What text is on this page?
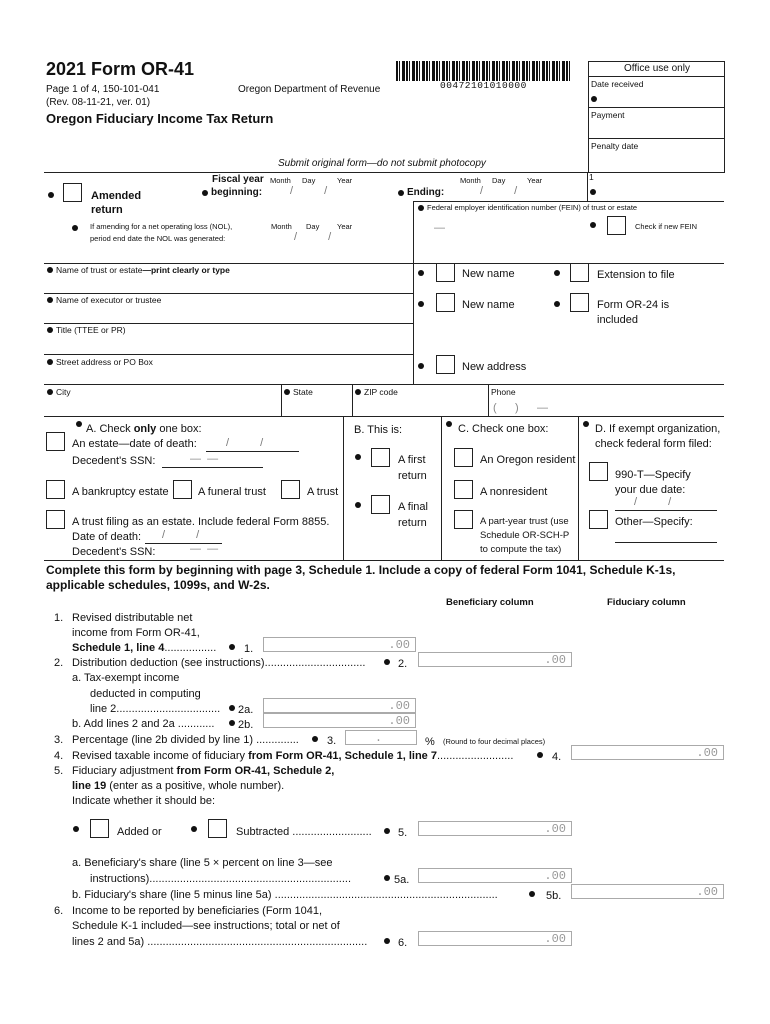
2021 Form OR-41
Page 1 of 4, 150-101-041
(Rev. 08-11-21, ver. 01)
Oregon Department of Revenue
Oregon Fiduciary Income Tax Return
00472101010000
Office use only
Date received
Payment
Penalty date
Submit original form—do not submit photocopy
1
Fiscal year
beginning:
Month Day	Year
/ /	Ending:
Month Day	Year
/ /
Amended
return	Federal employer identification number (FEIN) of trust or estate
—	Check if new FEIN
If amending for a net operating loss (NOL),
period end date the NOL was generated:
Month Day Year
/ /
Name of trust or estate—print clearly or type	New name	Extension to file
Name of executor or trustee	New name	Form OR-24 is
included
Title (TTEE or PR)
Street address or PO Box	New address
City	State	ZIP code	Phone
(      )      —
A. Check only one box:
An estate—date of death:	/ /
Decedent's SSN:	—  —
A bankruptcy estate	A funeral trust	A trust
A trust filing as an estate. Include federal Form 8855.
Date of death: / /
Decedent's SSN:	—  —
B. This is:
A first
return
A final
return
C. Check one box:
An Oregon resident
A nonresident
A part-year trust (use
Schedule OR-SCH-P
to compute the tax)
D. If exempt organization,
check federal form filed:
990-T—Specify
your due date:
/ /
Other—Specify:
Complete this form by beginning with page 3, Schedule 1. Include a copy of federal Form 1041, Schedule K-1s,
applicable schedules, 1099s, and W-2s.
Beneficiary column	Fiduciary column
1. Revised distributable net
income from Form OR-41,
Schedule 1, line 4.................	1.	.00
2. Distribution deduction (see instructions).................................	2.	.00
a. Tax-exempt income
deducted in computing
line 2.................................. 2a.	.00
b. Add lines 2 and 2a ............ 2b.	.00
3. Percentage (line 2b divided by line 1) ..............	3.	.	% (Round to four decimal places)
4. Revised taxable income of fiduciary from Form OR-41, Schedule 1, line 7.........................	4.	.00
5. Fiduciary adjustment from Form OR-41, Schedule 2,
line 19 (enter as a positive, whole number).
Indicate whether it should be:
Added or	Subtracted .......................... 5.	.00
a. Beneficiary's share (line 5 × percent on line 3—see
instructions)..................................................................	5a.	.00
b. Fiduciary's share (line 5 minus line 5a) .........................................................................	5b.	.00
6. Income to be reported by beneficiaries (Form 1041,
Schedule K-1 included—see instructions; total or net of
lines 2 and 5a) ........................................................................	6.	.00
